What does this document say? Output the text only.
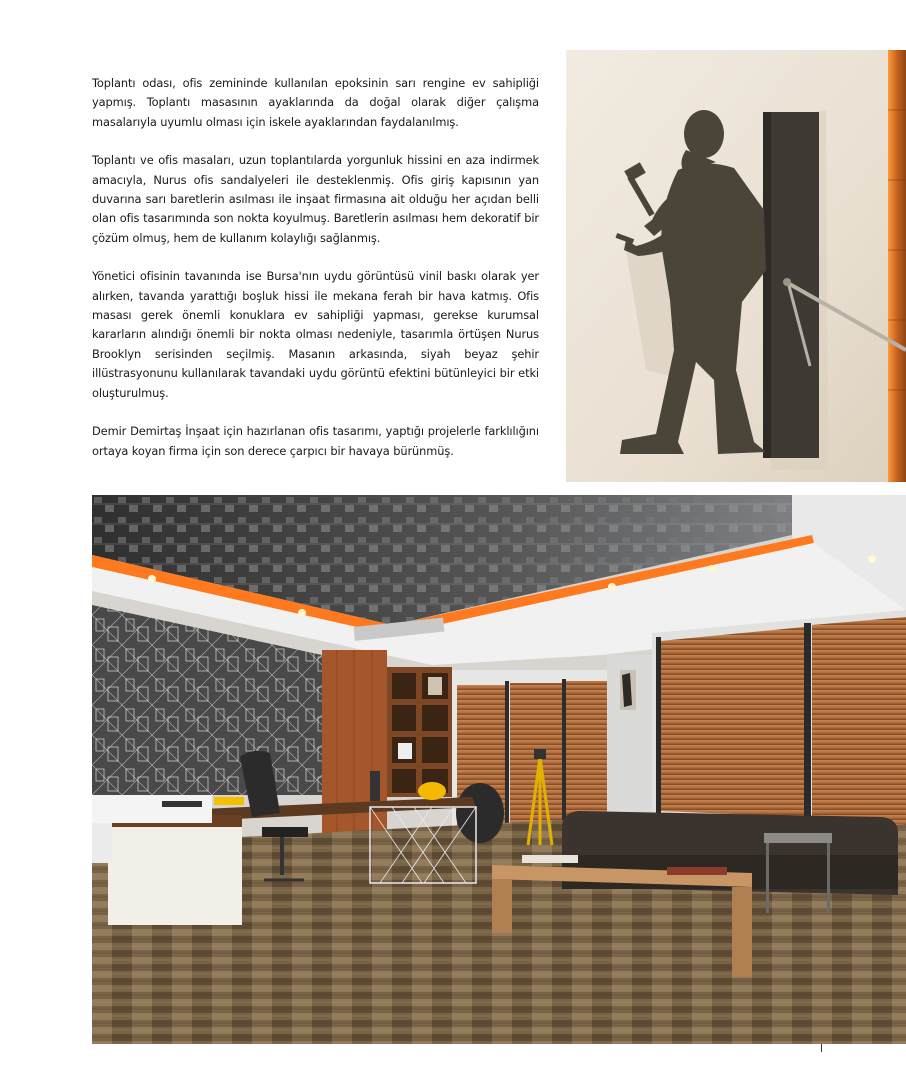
Toplantı odası, ofis zemininde kullanılan epoksinin sarı rengine ev sahipliği yapmış. Toplantı masasının ayaklarında da doğal olarak diğer çalışma masalarıyla uyumlu olması için iskele ayaklarından faydalanılmış.

Toplantı ve ofis masaları, uzun toplantılarda yorgunluk hissini en aza indirmek amacıyla, Nurus ofis sandalyeleri ile desteklenmiş. Ofis giriş kapısının yan duvarına sarı baretlerin asılması ile inşaat firmasına ait olduğu her açıdan belli olan ofis tasarımında son nokta koyulmuş. Baretlerin asılması hem dekoratif bir çözüm olmuş, hem de kullanım kolaylığı sağlanmış.

Yönetici ofisinin tavanında ise Bursa'nın uydu görüntüsü vinil baskı olarak yer alırken, tavanda yarattığı boşluk hissi ile mekana ferah bir hava katmış. Ofis masası gerek önemli konuklara ev sahipliği yapması, gerekse kurumsal kararların alındığı önemli bir nokta olması nedeniyle, tasarımla örtüşen Nurus Brooklyn serisinden seçilmiş. Masanın arkasında, siyah beyaz şehir illüstrasyonunu kullanılarak tavandaki uydu görüntü efektini bütünleyici bir etki oluşturulmuş.

Demir Demirtaş İnşaat için hazırlanan ofis tasarımı, yaptığı projelerle farklılığını ortaya koyan firma için son derece çarpıcı bir havaya bürünmüş.
